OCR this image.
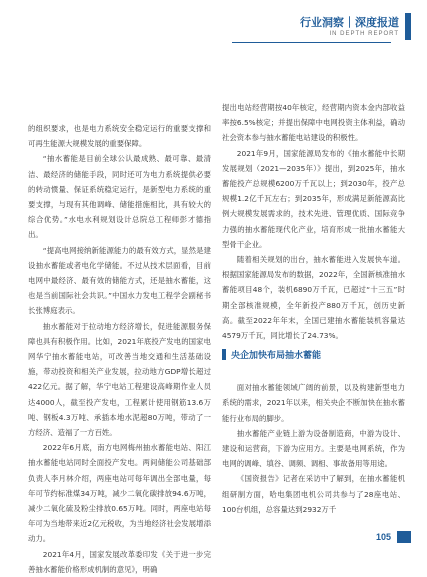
行业洞察｜深度报道
IN DEPTH REPORT

的组织要求，也是电力系统安全稳定运行的重要支撑和可再生能源大规模发展的重要保障。

“抽水蓄能是目前全球公认最成熟、最可靠、最清洁、最经济的储能手段，同时还可为电力系统提供必要的转动惯量、保证系统稳定运行，是新型电力系统的重要支撑，与现有其他调峰、储能措施相比，具有较大的综合优势。”水电水利规划设计总院总工程师彭才德指出。

“提高电网接纳新能源能力的最有效方式，显然是建设抽水蓄能或者电化学储能。不过从技术层面看，目前电网中最经济、最有效的储能方式，还是抽水蓄能，这也是当前国际社会共识。”中国水力发电工程学会副秘书长张博庭表示。

抽水蓄能对于拉动地方经济增长，促进能源服务保障也具有积极作用。比如，2021年底投产发电的国家电网华宁抽水蓄能电站，可改善当地交通和生活基础设施，带动投资和相关产业发展，拉动地方GDP增长超过422亿元。据了解，华宁电站工程建设高峰期作业人员达4000人，截至投产发电，工程累计使用钢筋13.6万吨、钢板4.3万吨、承插本地水泥超80万吨，带动了一方经济、造福了一方百姓。

2022年6月底，南方电网梅州抽水蓄能电站、阳江抽水蓄能电站同时全面投产发电。两间储能公司基础部负责人李月林介绍，两座电站可每年调出全部电量，每年可节约标准煤34万吨，减少二氧化碳排放94.6万吨，减少二氧化硫及粉尘排放0.65万吨。同时，两座电站每年可为当地带来近2亿元税收，为当地经济社会发展增添动力。

2021年4月，国家发展改革委印发《关于进一步完善抽水蓄能价格形成机制的意见》，明确

提出电站经营期按40年核定，经营期内资本金内部收益率按6.5%核定；并提出保障中电网投资主体利益，确动社会资本参与抽水蓄能电站建设的积极性。

2021年9月，国家能源局发布的《抽水蓄能中长期发展规划（2021—2035年）》提出，到2025年，抽水蓄能投产总规模6200万千瓦以上；到2030年，投产总规模1.2亿千瓦左右；到2035年，形成满足新能源高比例大规模发展需求的，技术先进、管理优质、国际竞争力强的抽水蓄能现代化产业，培育形成一批抽水蓄能大型骨干企业。

随着相关规划的出台，抽水蓄能进入发展快车道。根据国家能源局发布的数据，2022年，全国新核准抽水蓄能项目48个，装机6890万千瓦，已超过“十三五”时期全部核准规模，全年新投产880万千瓦，创历史新高。截至2022年年末，全国已建抽水蓄能装机容量达4579万千瓦，同比增长了24.73%。

央企加快布局抽水蓄能

面对抽水蓄能领域广阔的前景，以及构建新型电力系统的需求，2021年以来，相关央企不断加快在抽水蓄能行业布局的脚步。

抽水蓄能产业链上游为设备制造商，中游为设计、建设和运营商，下游为应用方。主要是电网系统，作为电网的调峰、填谷、调频、调相、事故备用等用途。

《国资报告》记者在采访中了解到，在抽水蓄能机组研制方面，哈电集团电机公司共参与了28座电站、100台机组，总容量达到2932万千

105
